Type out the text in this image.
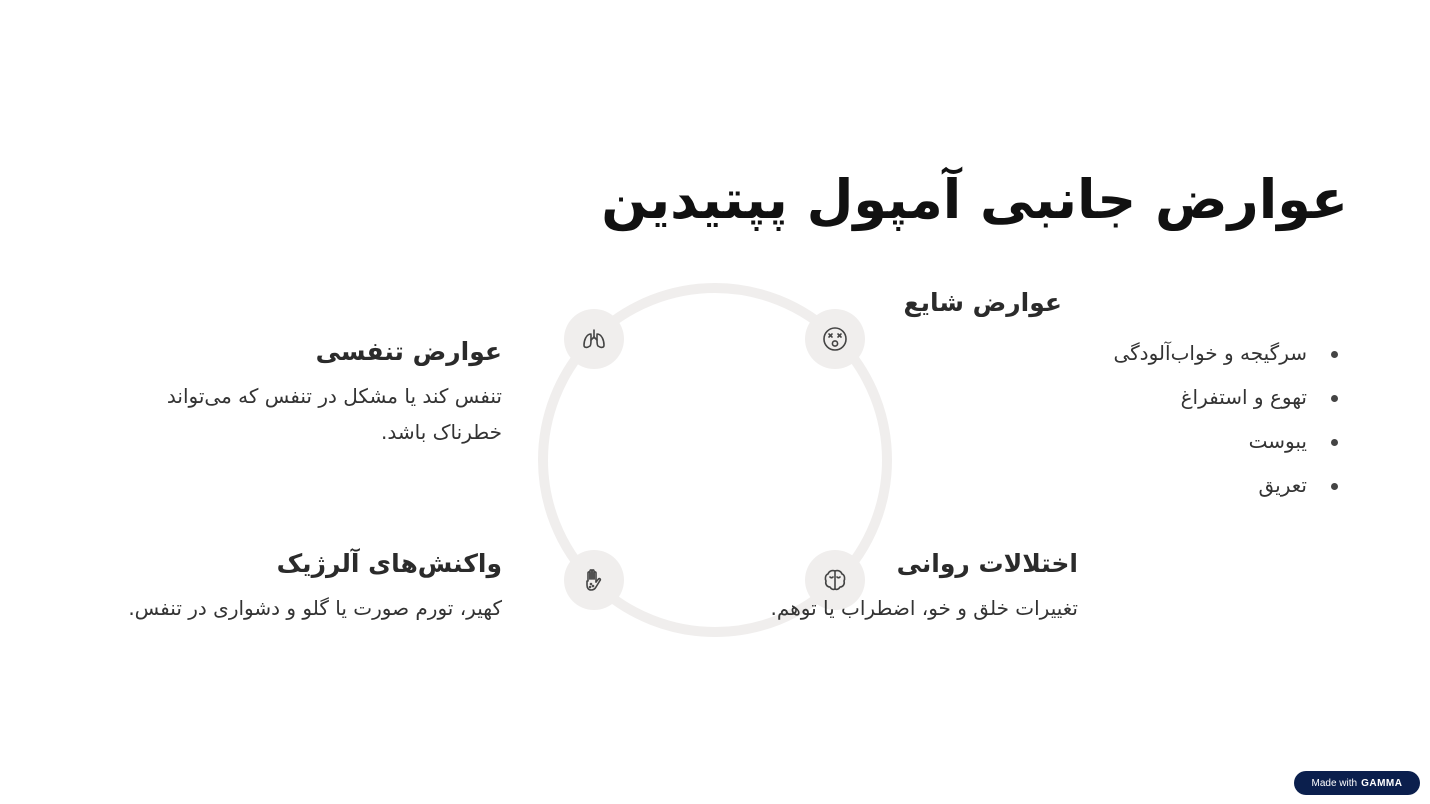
عوارض جانبی آمپول پپتیدین
عوارض شایع
سرگیجه و خواب‌آلودگی
تهوع و استفراغ
یبوست
تعریق
عوارض تنفسی

تنفس کند یا مشکل در تنفس که می‌تواند خطرناک باشد.

اختلالات روانی

تغییرات خلق و خو، اضطراب یا توهم.

واکنش‌های آلرژیک

کهیر، تورم صورت یا گلو و دشواری در تنفس.

Made with GAMMA
